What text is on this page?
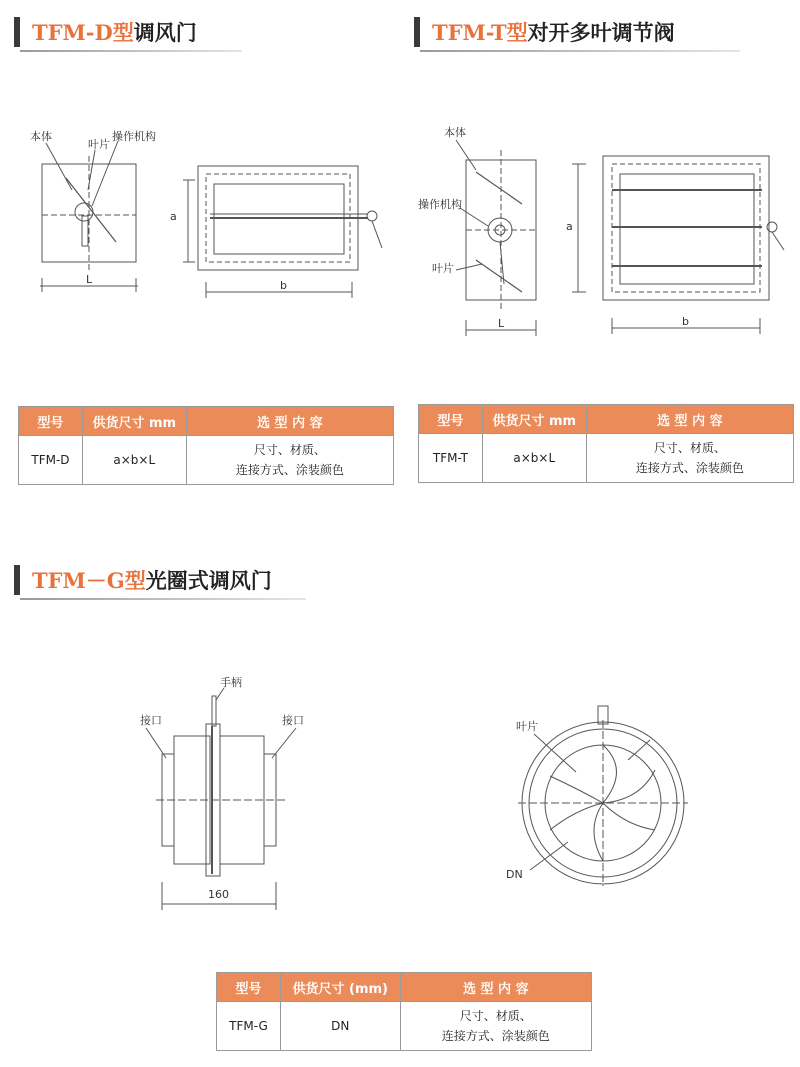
TFM-D型 调风门
本体
叶片
操作机构
L
a
b
型号	供货尺寸 mm	选 型 内 容
TFM-D	a×b×L	尺寸、材质、
连接方式、涂装颜色
TFM-T型 对开多叶调节阀
本体
操作机构
叶片
L
a
b
型号	供货尺寸 mm	选 型 内 容
TFM-T	a×b×L	尺寸、材质、
连接方式、涂装颜色
TFM－G型 光圈式调风门
手柄
接口	接口
160
叶片
DN
型号	供货尺寸 (mm)	选 型 内 容
TFM-G	DN	尺寸、材质、
连接方式、涂装颜色
